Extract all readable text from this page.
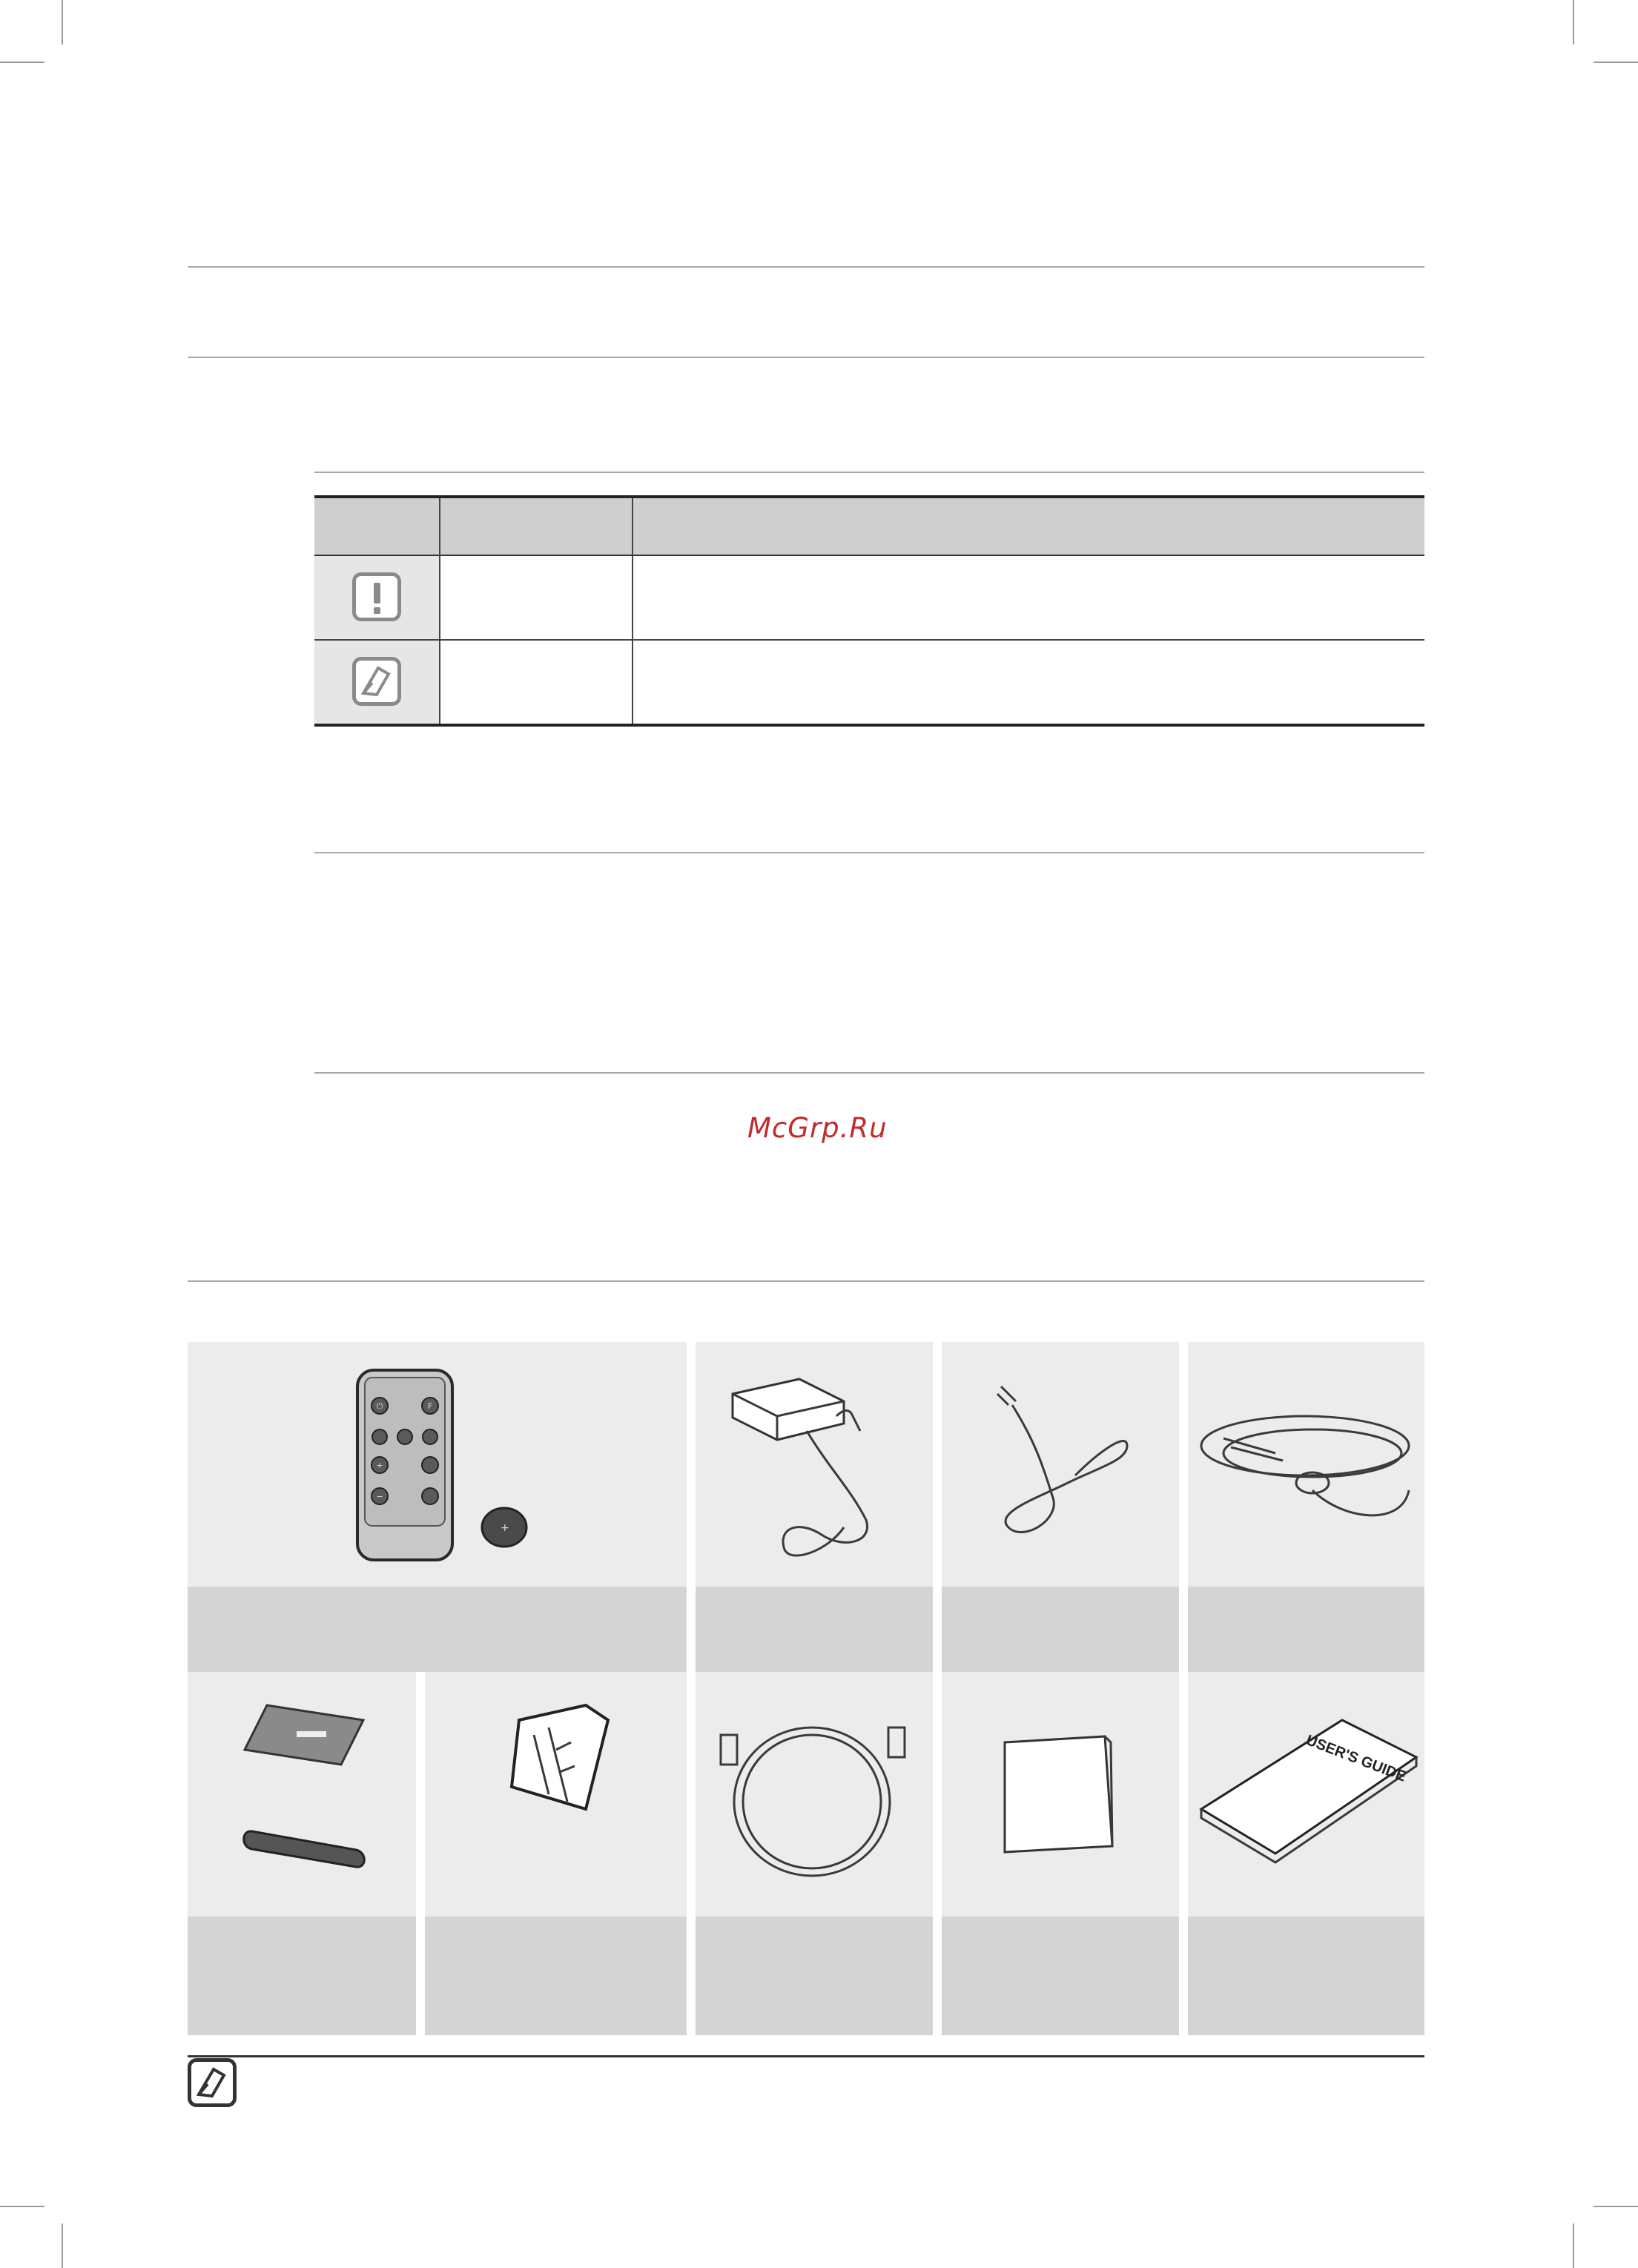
McGrp.Ru
⏻	F
+
−
+
USER'S GUIDE
